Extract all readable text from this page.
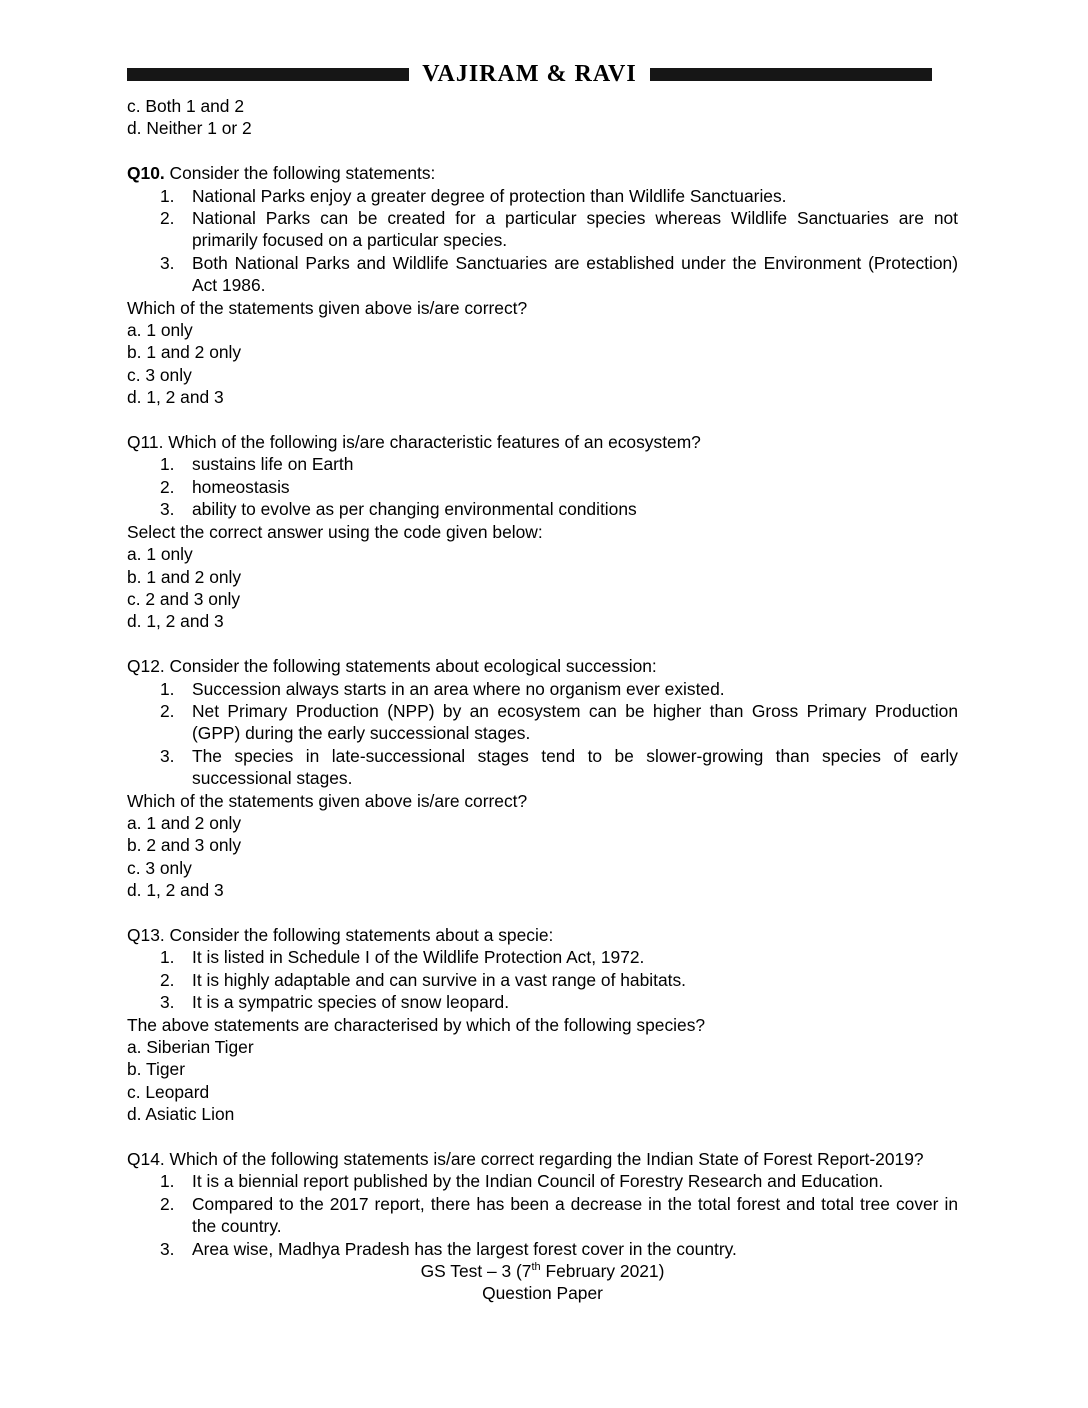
VAJIRAM & RAVI

c. Both 1 and 2

d. Neither 1 or 2

Q10. Consider the following statements:

1.	National Parks enjoy a greater degree of protection than Wildlife Sanctuaries.
2.	National Parks can be created for a particular species whereas Wildlife Sanctuaries are not primarily focused on a particular species.
3.	Both National Parks and Wildlife Sanctuaries are established under the Environment (Protection) Act 1986.

Which of the statements given above is/are correct?

a. 1 only

b. 1 and 2 only

c. 3 only

d. 1, 2 and 3

Q11. Which of the following is/are characteristic features of an ecosystem?

1.	sustains life on Earth
2.	homeostasis
3.	ability to evolve as per changing environmental conditions

Select the correct answer using the code given below:

a. 1 only

b. 1 and 2 only

c. 2 and 3 only

d. 1, 2 and 3

Q12. Consider the following statements about ecological succession:

1.	Succession always starts in an area where no organism ever existed.
2.	Net Primary Production (NPP) by an ecosystem can be higher than Gross Primary Production (GPP) during the early successional stages.
3.	The species in late-successional stages tend to be slower-growing than species of early successional stages.

Which of the statements given above is/are correct?

a. 1 and 2 only

b. 2 and 3 only

c. 3 only

d. 1, 2 and 3

Q13. Consider the following statements about a specie:

1.	It is listed in Schedule I of the Wildlife Protection Act, 1972.
2.	It is highly adaptable and can survive in a vast range of habitats.
3.	It is a sympatric species of snow leopard.

The above statements are characterised by which of the following species?

a. Siberian Tiger

b. Tiger

c. Leopard

d. Asiatic Lion

Q14. Which of the following statements is/are correct regarding the Indian State of Forest Report-2019?

1.	It is a biennial report published by the Indian Council of Forestry Research and Education.
2.	Compared to the 2017 report, there has been a decrease in the total forest and total tree cover in the country.
3.	Area wise, Madhya Pradesh has the largest forest cover in the country.

GS Test – 3 (7th February 2021)

Question Paper
